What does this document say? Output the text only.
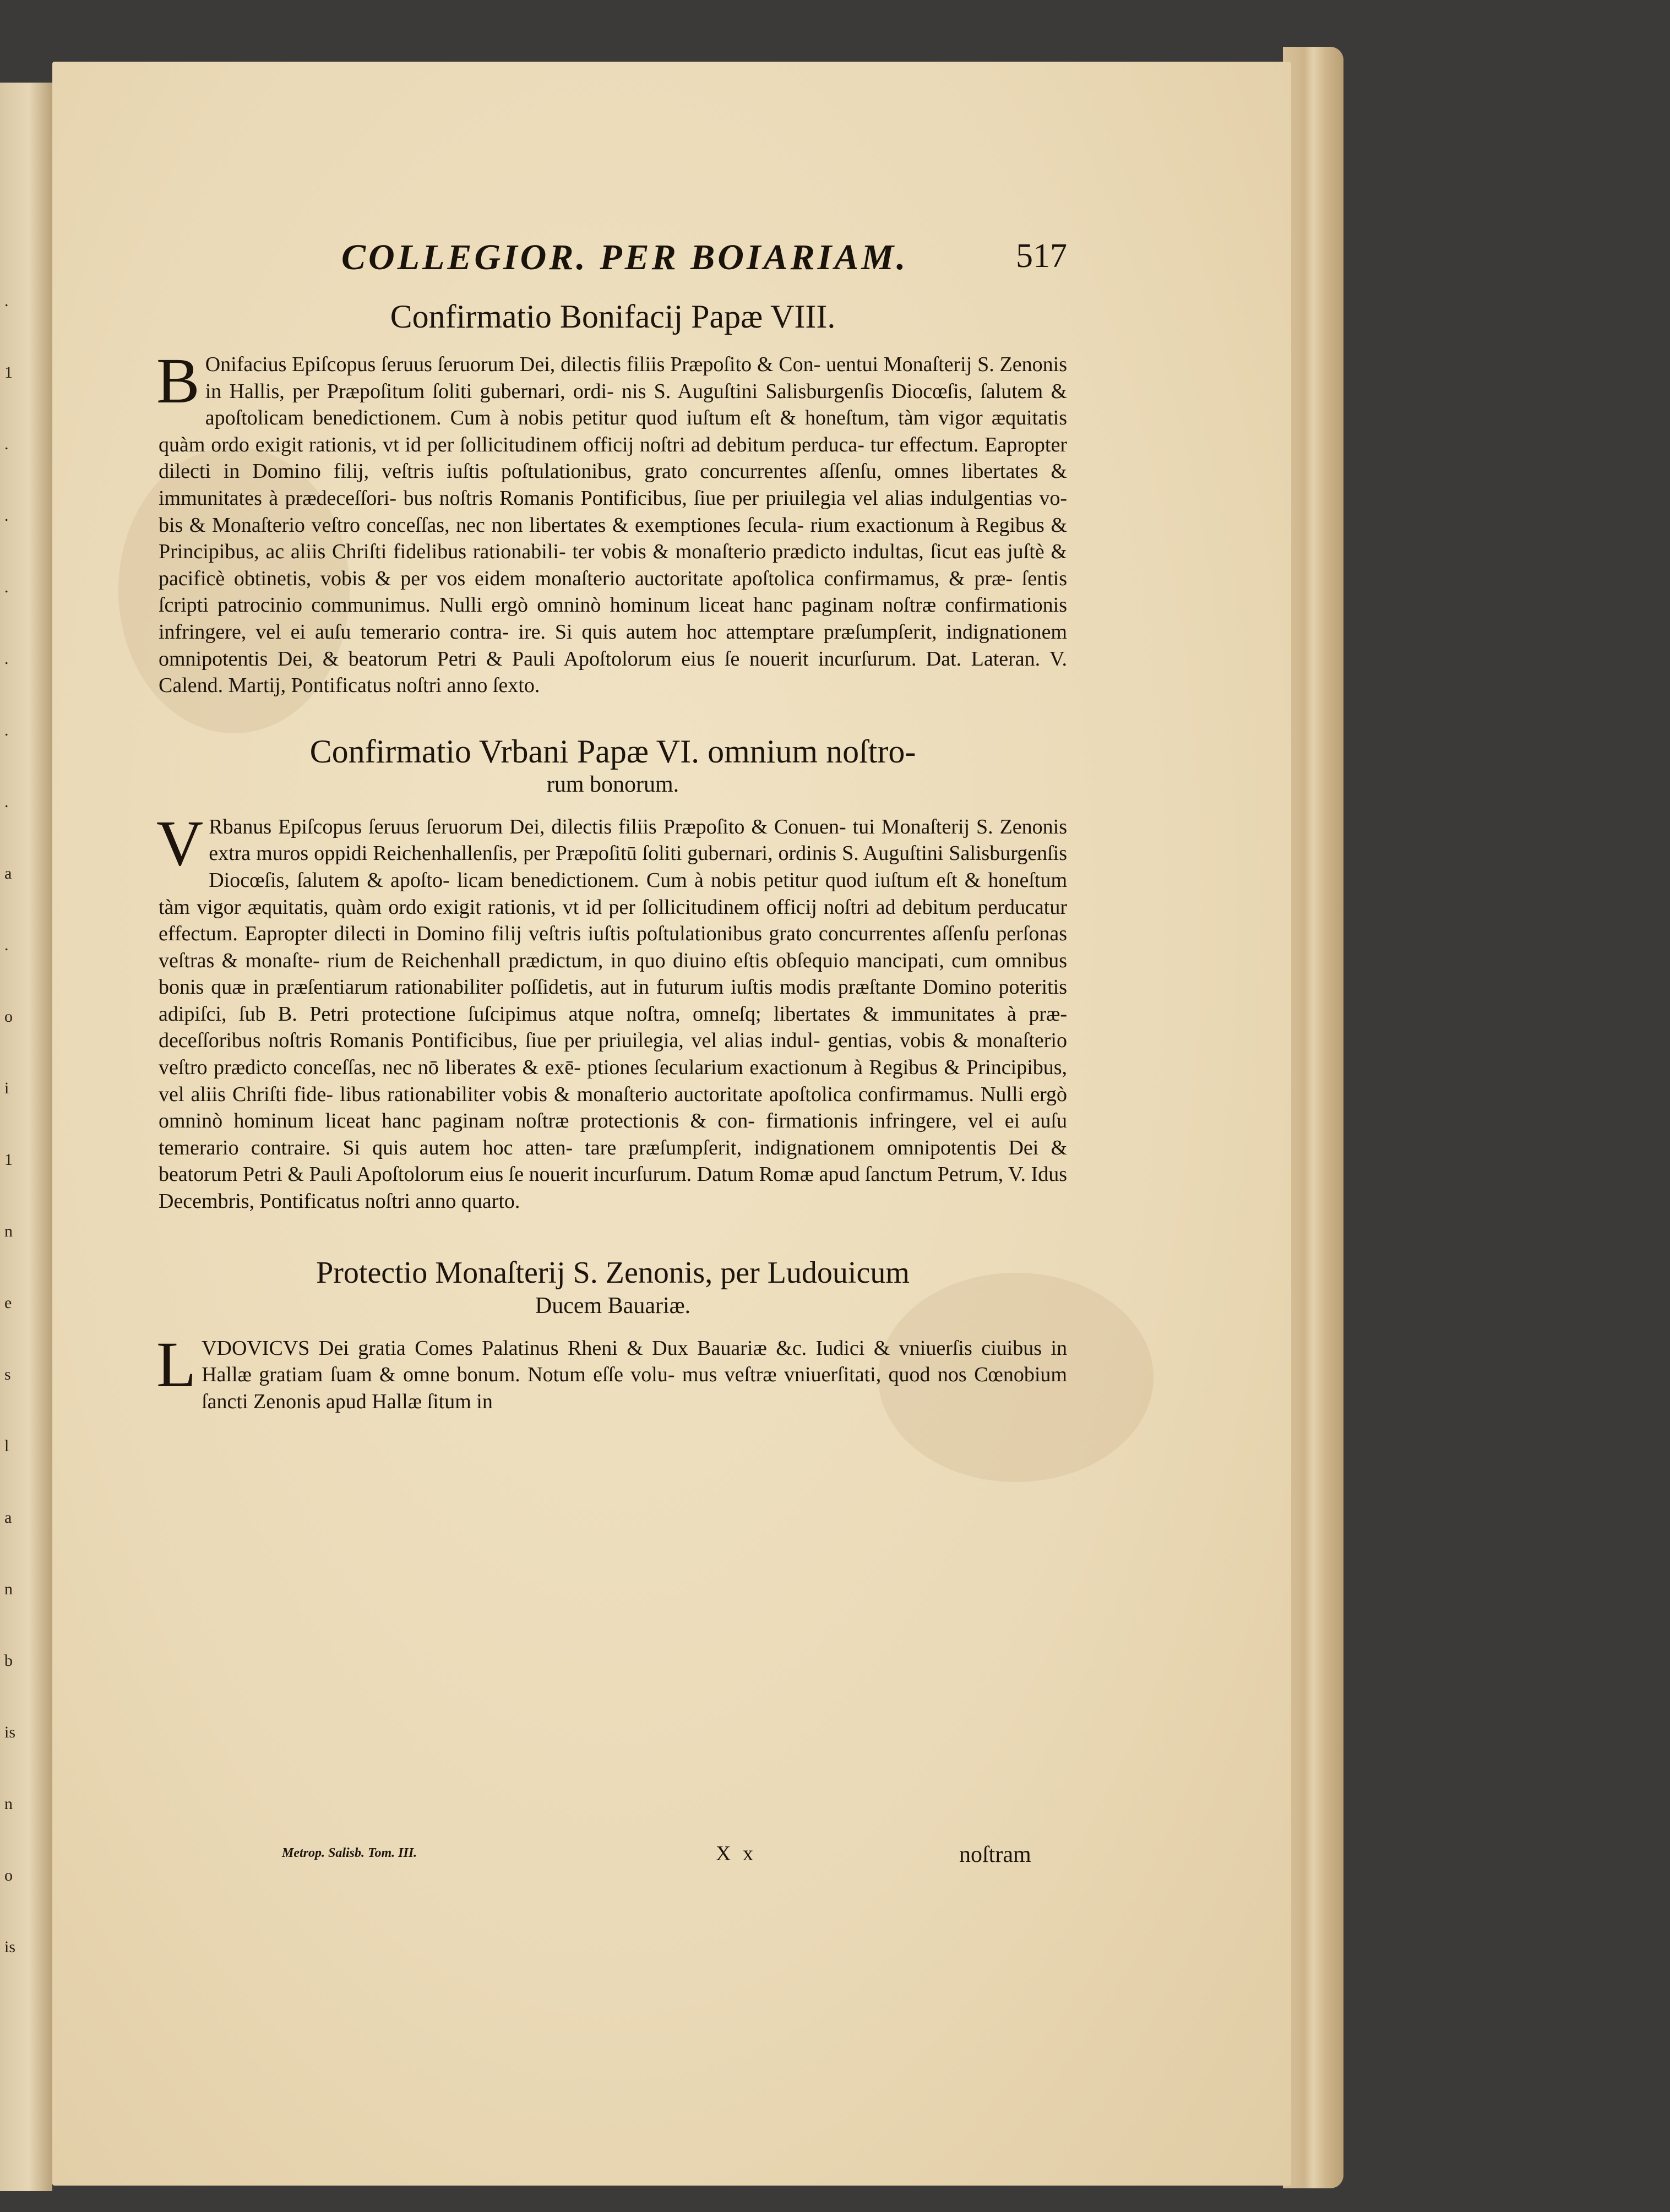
.
1
.
.
.
.
.
.
a
.
o
i
1
n
e
s
l
a
n
b
is
n
o
is
COLLEGIOR. PER BOIARIAM.	517
Confirmatio Bonifacij Papæ VIII.
B Onifacius Epiſcopus ſeruus ſeruorum Dei, dilectis filiis Præpoſito & Con- uentui Monaſterij S. Zenonis in Hallis, per Præpoſitum ſoliti gubernari, ordi- nis S. Auguſtini Salisburgenſis Diocœſis, ſalutem & apoſtolicam benedictionem. Cum à nobis petitur quod iuſtum eſt & honeſtum, tàm vigor æquitatis quàm ordo exigit rationis, vt id per ſollicitudinem officij noſtri ad debitum perduca- tur effectum. Eapropter dilecti in Domino filij, veſtris iuſtis poſtulationibus, grato concurrentes aſſenſu, omnes libertates & immunitates à prædeceſſori- bus noſtris Romanis Pontificibus, ſiue per priuilegia vel alias indulgentias vo- bis & Monaſterio veſtro conceſſas, nec non libertates & exemptiones ſecula- rium exactionum à Regibus & Principibus, ac aliis Chriſti fidelibus rationabili- ter vobis & monaſterio prædicto indultas, ſicut eas juſtè & pacificè obtinetis, vobis & per vos eidem monaſterio auctoritate apoſtolica confirmamus, & præ- ſentis ſcripti patrocinio communimus. Nulli ergò omninò hominum liceat hanc paginam noſtræ confirmationis infringere, vel ei auſu temerario contra- ire. Si quis autem hoc attemptare præſumpſerit, indignationem omnipotentis Dei, & beatorum Petri & Pauli Apoſtolorum eius ſe nouerit incurſurum. Dat. Lateran. V. Calend. Martij, Pontificatus noſtri anno ſexto.
Confirmatio Vrbani Papæ VI. omnium noſtro-
rum bonorum.
V Rbanus Epiſcopus ſeruus ſeruorum Dei, dilectis filiis Præpoſito & Conuen- tui Monaſterij S. Zenonis extra muros oppidi Reichenhallenſis, per Præpoſitū ſoliti gubernari, ordinis S. Auguſtini Salisburgenſis Diocœſis, ſalutem & apoſto- licam benedictionem. Cum à nobis petitur quod iuſtum eſt & honeſtum tàm vigor æquitatis, quàm ordo exigit rationis, vt id per ſollicitudinem officij noſtri ad debitum perducatur effectum. Eapropter dilecti in Domino filij veſtris iuſtis poſtulationibus grato concurrentes aſſenſu perſonas veſtras & monaſte- rium de Reichenhall prædictum, in quo diuino eſtis obſequio mancipati, cum omnibus bonis quæ in præſentiarum rationabiliter poſſidetis, aut in futurum iuſtis modis præſtante Domino poteritis adipiſci, ſub B. Petri protectione ſuſcipimus atque noſtra, omneſq; libertates & immunitates à præ- deceſſoribus noſtris Romanis Pontificibus, ſiue per priuilegia, vel alias indul- gentias, vobis & monaſterio veſtro prædicto conceſſas, nec nō liberates & exē- ptiones ſecularium exactionum à Regibus & Principibus, vel aliis Chriſti fide- libus rationabiliter vobis & monaſterio auctoritate apoſtolica confirmamus. Nulli ergò omninò hominum liceat hanc paginam noſtræ protectionis & con- firmationis infringere, vel ei auſu temerario contraire. Si quis autem hoc atten- tare præſumpſerit, indignationem omnipotentis Dei & beatorum Petri & Pauli Apoſtolorum eius ſe nouerit incurſurum. Datum Romæ apud ſanctum Petrum, V. Idus Decembris, Pontificatus noſtri anno quarto.
Protectio Monaſterij S. Zenonis, per Ludouicum
Ducem Bauariæ.
LVDOVICVS Dei gratia Comes Palatinus Rheni & Dux Bauariæ &c. Iudici & vniuerſis ciuibus in Hallæ gratiam ſuam & omne bonum. Notum eſſe volu- mus veſtræ vniuerſitati, quod nos Cœnobium ſancti Zenonis apud Hallæ ſitum in
Metrop. Salisb. Tom. III.	X x	noſtram
